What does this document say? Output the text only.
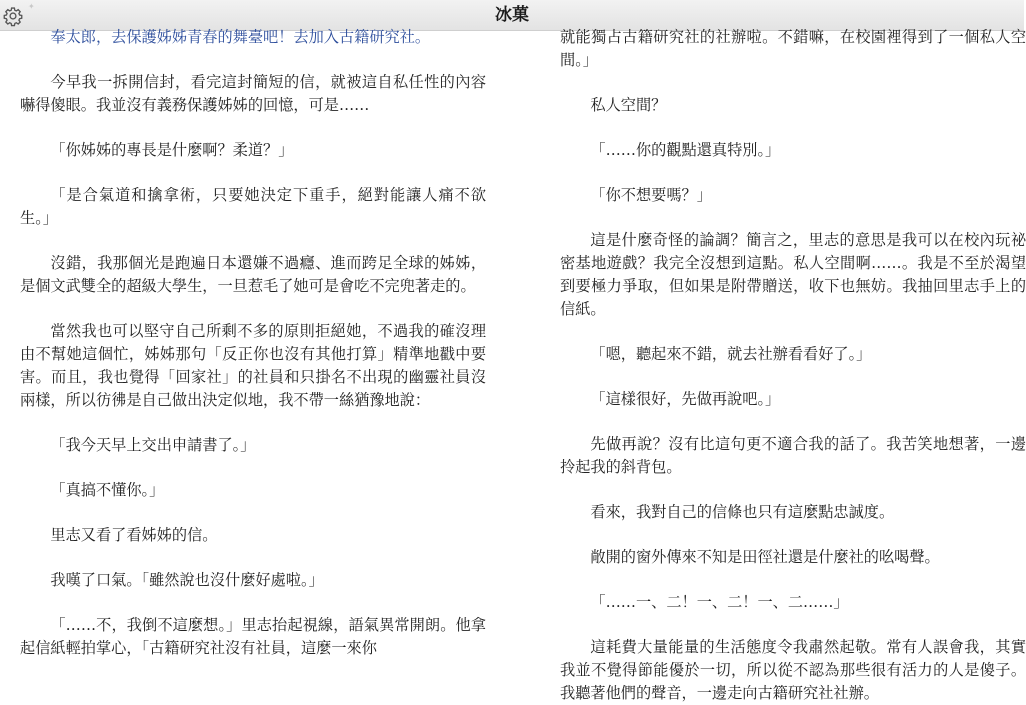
✦	冰菓

奉太郎，去保護姊姊青春的舞臺吧！去加入古籍研究社。

今早我一拆開信封，看完這封簡短的信，就被這自私任性的內容嚇得傻眼。我並沒有義務保護姊姊的回憶，可是……

「你姊姊的專長是什麼啊？柔道？」

「是合氣道和擒拿術，只要她決定下重手，絕對能讓人痛不欲生。」

沒錯，我那個光是跑遍日本還嫌不過癮、進而跨足全球的姊姊，是個文武雙全的超級大學生，一旦惹毛了她可是會吃不完兜著走的。

當然我也可以堅守自己所剩不多的原則拒絕她，不過我的確沒理由不幫她這個忙，姊姊那句「反正你也沒有其他打算」精準地戳中要害。而且，我也覺得「回家社」的社員和只掛名不出現的幽靈社員沒兩樣，所以彷彿是自己做出決定似地，我不帶一絲猶豫地說：

「我今天早上交出申請書了。」

「真搞不懂你。」

里志又看了看姊姊的信。

我嘆了口氣。「雖然說也沒什麼好處啦。」

「……不，我倒不這麼想。」里志抬起視線，語氣異常開朗。他拿起信紙輕拍掌心，「古籍研究社沒有社員，這麼一來你

就能獨占古籍研究社的社辦啦。不錯嘛，在校園裡得到了一個私人空間。」

私人空間？

「……你的觀點還真特別。」

「你不想要嗎？」

這是什麼奇怪的論調？簡言之，里志的意思是我可以在校內玩祕密基地遊戲？我完全沒想到這點。私人空間啊……。我是不至於渴望到要極力爭取，但如果是附帶贈送，收下也無妨。我抽回里志手上的信紙。

「嗯，聽起來不錯，就去社辦看看好了。」

「這樣很好，先做再說吧。」

先做再說？沒有比這句更不適合我的話了。我苦笑地想著，一邊拎起我的斜背包。

看來，我對自己的信條也只有這麼點忠誠度。

敞開的窗外傳來不知是田徑社還是什麼社的吆喝聲。

「……一、二！一、二！一、二……」

這耗費大量能量的生活態度令我肅然起敬。常有人誤會我，其實我並不覺得節能優於一切，所以從不認為那些很有活力的人是傻子。我聽著他們的聲音，一邊走向古籍研究社社辦。
